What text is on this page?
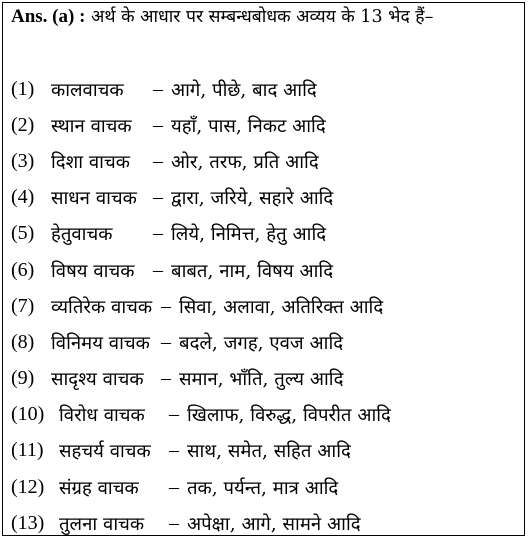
Ans. (a) : अर्थ के आधार पर सम्बन्धबोधक अव्यय के 13 भेद हैं–
(1) कालवाचक	– आगे, पीछे, बाद आदि
(2) स्थान वाचक	– यहाँ, पास, निकट आदि
(3) दिशा वाचक	– ओर, तरफ, प्रति आदि
(4) साधन वाचक – द्वारा, जरिये, सहारे आदि
(5) हेतुवाचक	– लिये, निमित्त, हेतु आदि
(6) विषय वाचक – बाबत, नाम, विषय आदि
(7) व्यतिरेक वाचक – सिवा, अलावा, अतिरिक्त आदि
(8) विनिमय वाचक – बदले, जगह, एवज आदि
(9) सादृश्य वाचक – समान, भाँति, तुल्य आदि
(10) विरोध वाचक	– खिलाफ, विरुद्ध, विपरीत आदि
(11) सहचर्य वाचक – साथ, समेत, सहित आदि
(12) संग्रह वाचक	– तक, पर्यन्त, मात्र आदि
(13) तुलना वाचक	– अपेक्षा, आगे, सामने आदि
